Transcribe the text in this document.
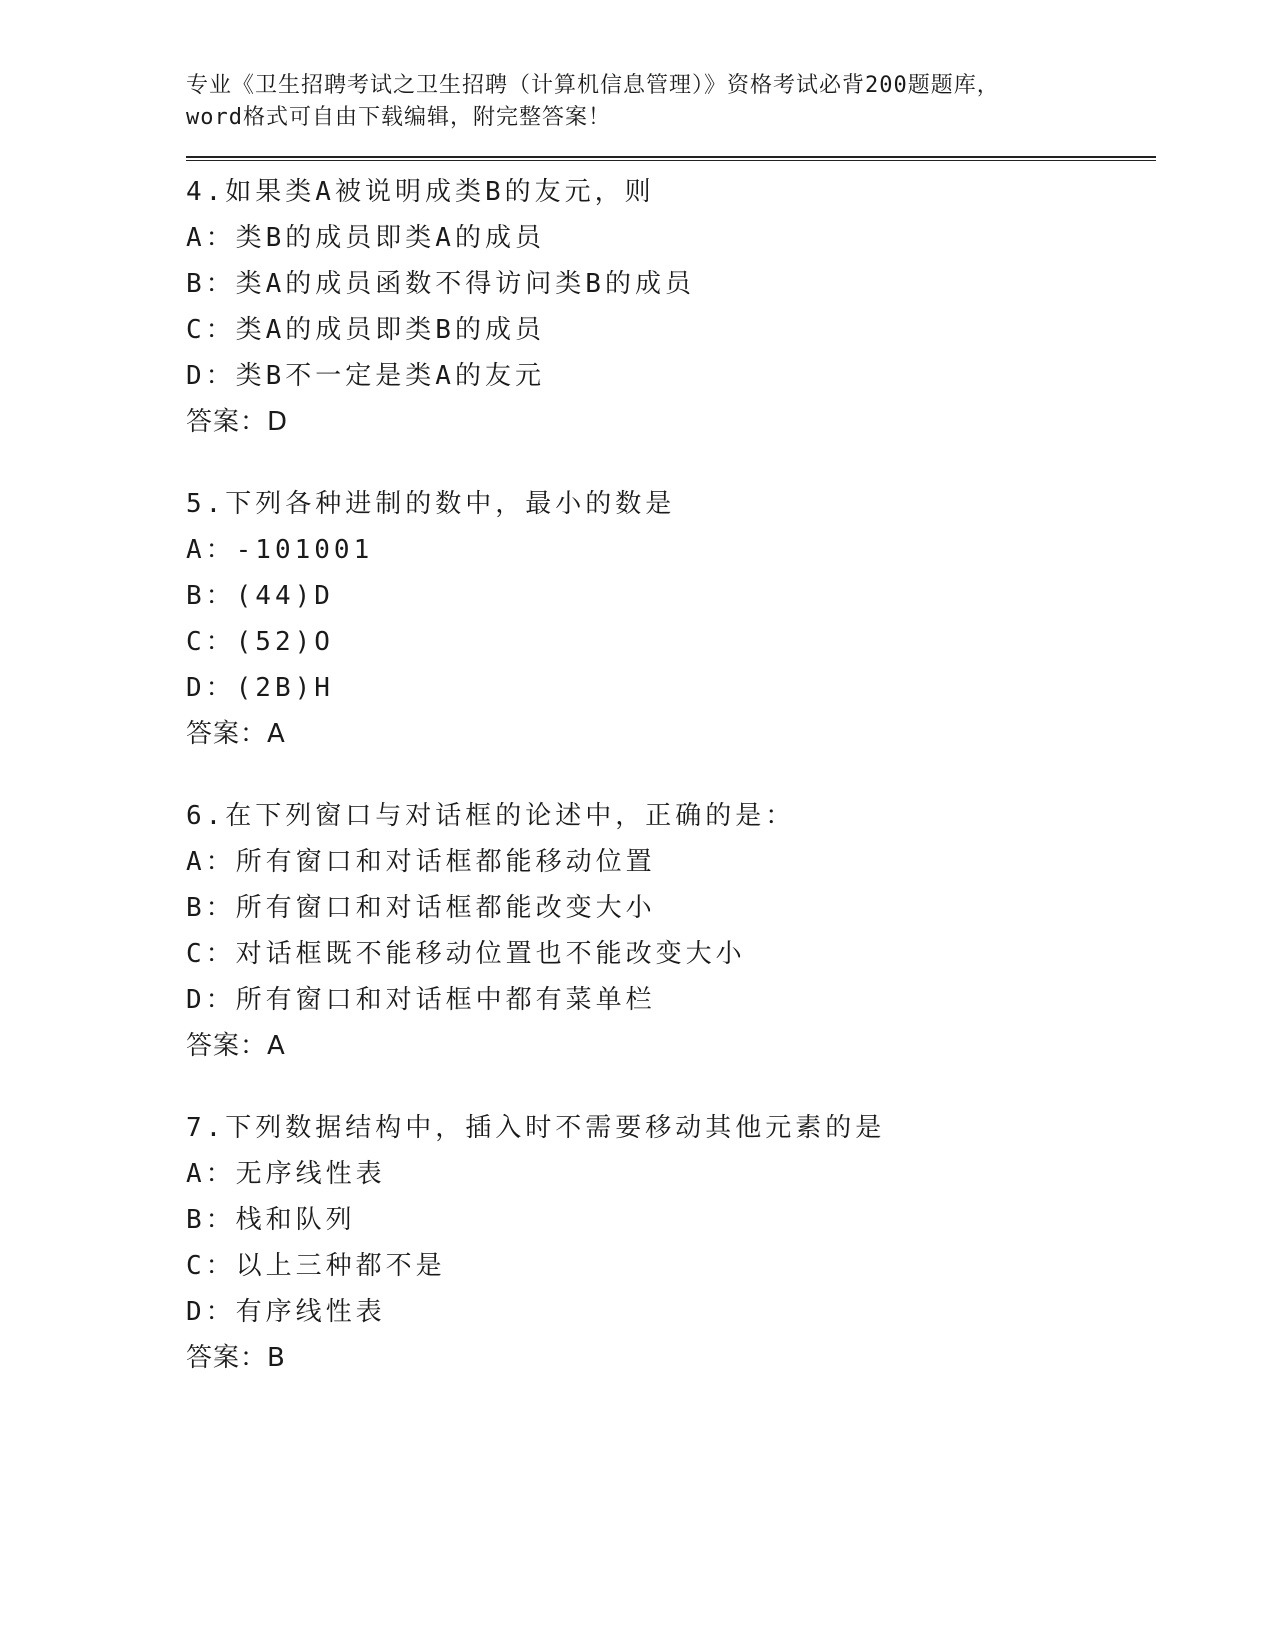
专业《卫生招聘考试之卫生招聘（计算机信息管理）》资格考试必背200题题库，
word格式可自由下载编辑，附完整答案！
4.如果类A被说明成类B的友元，则
A：类B的成员即类A的成员
B：类A的成员函数不得访问类B的成员
C：类A的成员即类B的成员
D：类B不一定是类A的友元
答案：D
5.下列各种进制的数中，最小的数是
A：-101001
B：(44)D
C：(52)O
D：(2B)H
答案：A
6.在下列窗口与对话框的论述中，正确的是：
A：所有窗口和对话框都能移动位置
B：所有窗口和对话框都能改变大小
C：对话框既不能移动位置也不能改变大小
D：所有窗口和对话框中都有菜单栏
答案：A
7.下列数据结构中，插入时不需要移动其他元素的是
A：无序线性表
B：栈和队列
C：以上三种都不是
D：有序线性表
答案：B
